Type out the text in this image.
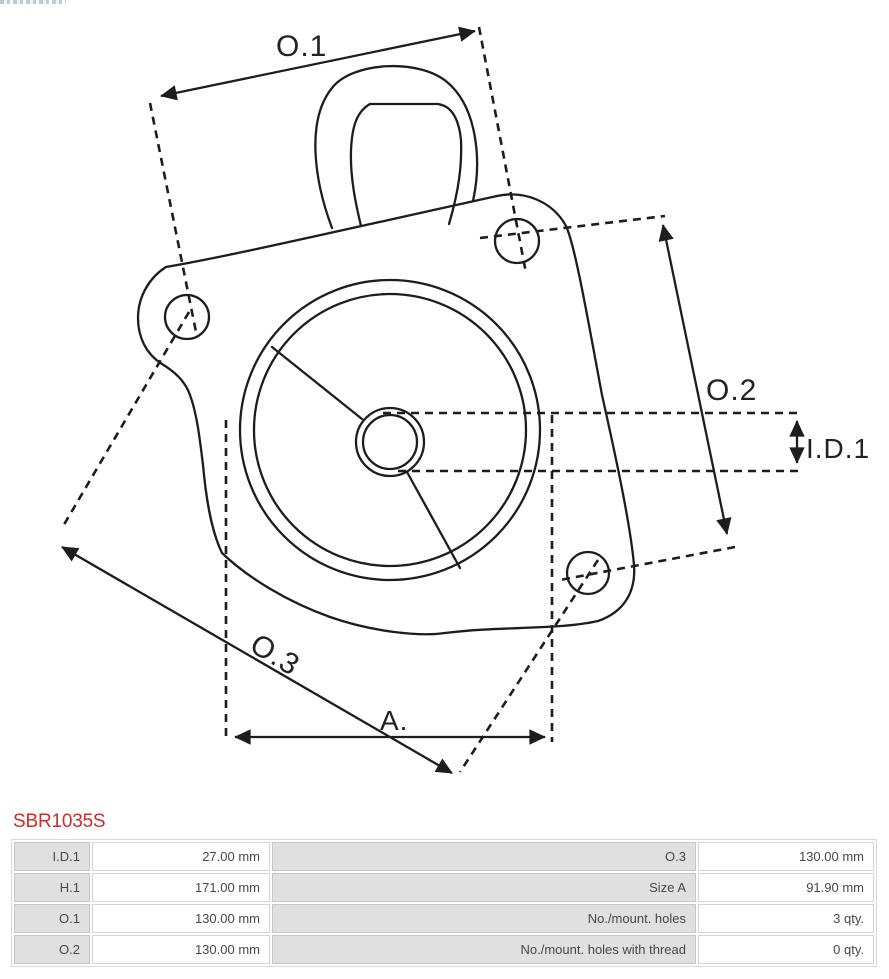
O.1
O.2
O.3
I.D.1
A.
SBR1035S
I.D.1	27.00 mm	O.3	130.00 mm
H.1	171.00 mm	Size A	91.90 mm
O.1	130.00 mm	No./mount. holes	3 qty.
O.2	130.00 mm	No./mount. holes with thread	0 qty.
